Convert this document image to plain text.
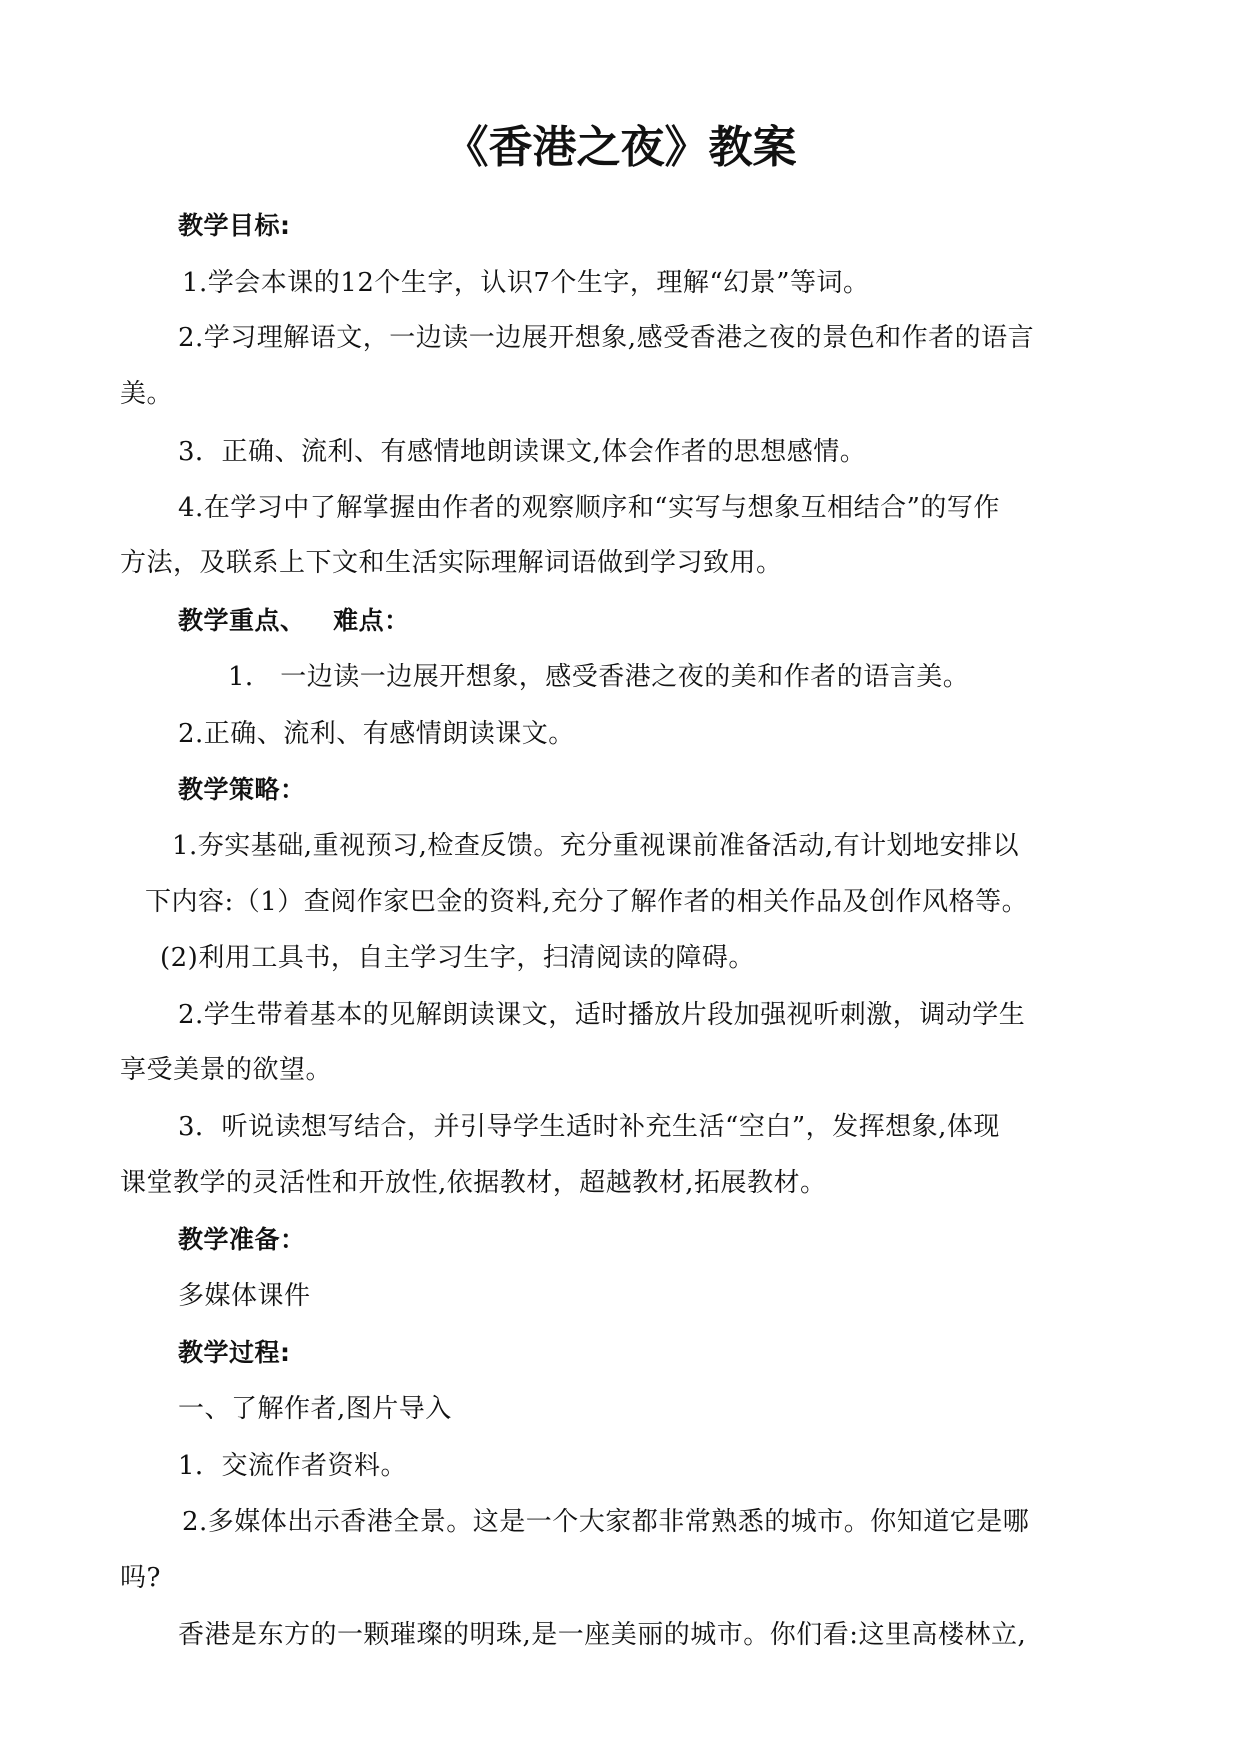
《香港之夜》教案
教学目标:
1.学会本课的12个生字，认识7个生字，理解“幻景”等词。
2.学习理解语文，一边读一边展开想象,感受香港之夜的景色和作者的语言
美。
3．正确、流利、有感情地朗读课文,体会作者的思想感情。
4.在学习中了解掌握由作者的观察顺序和“实写与想象互相结合”的写作
方法，及联系上下文和生活实际理解词语做到学习致用。
教学重点、   难点：
1． 一边读一边展开想象，感受香港之夜的美和作者的语言美。
2.正确、流利、有感情朗读课文。
教学策略：
1.夯实基础,重视预习,检查反馈。充分重视课前准备活动,有计划地安排以
下内容:（1）查阅作家巴金的资料,充分了解作者的相关作品及创作风格等。
(2)利用工具书，自主学习生字，扫清阅读的障碍。
2.学生带着基本的见解朗读课文，适时播放片段加强视听刺激，调动学生
享受美景的欲望。
3．听说读想写结合，并引导学生适时补充生活“空白”，发挥想象,体现
课堂教学的灵活性和开放性,依据教材，超越教材,拓展教材。
教学准备：
多媒体课件
教学过程:
一、了解作者,图片导入
1．交流作者资料。
2.多媒体出示香港全景。这是一个大家都非常熟悉的城市。你知道它是哪
吗?
香港是东方的一颗璀璨的明珠,是一座美丽的城市。你们看:这里高楼林立,
